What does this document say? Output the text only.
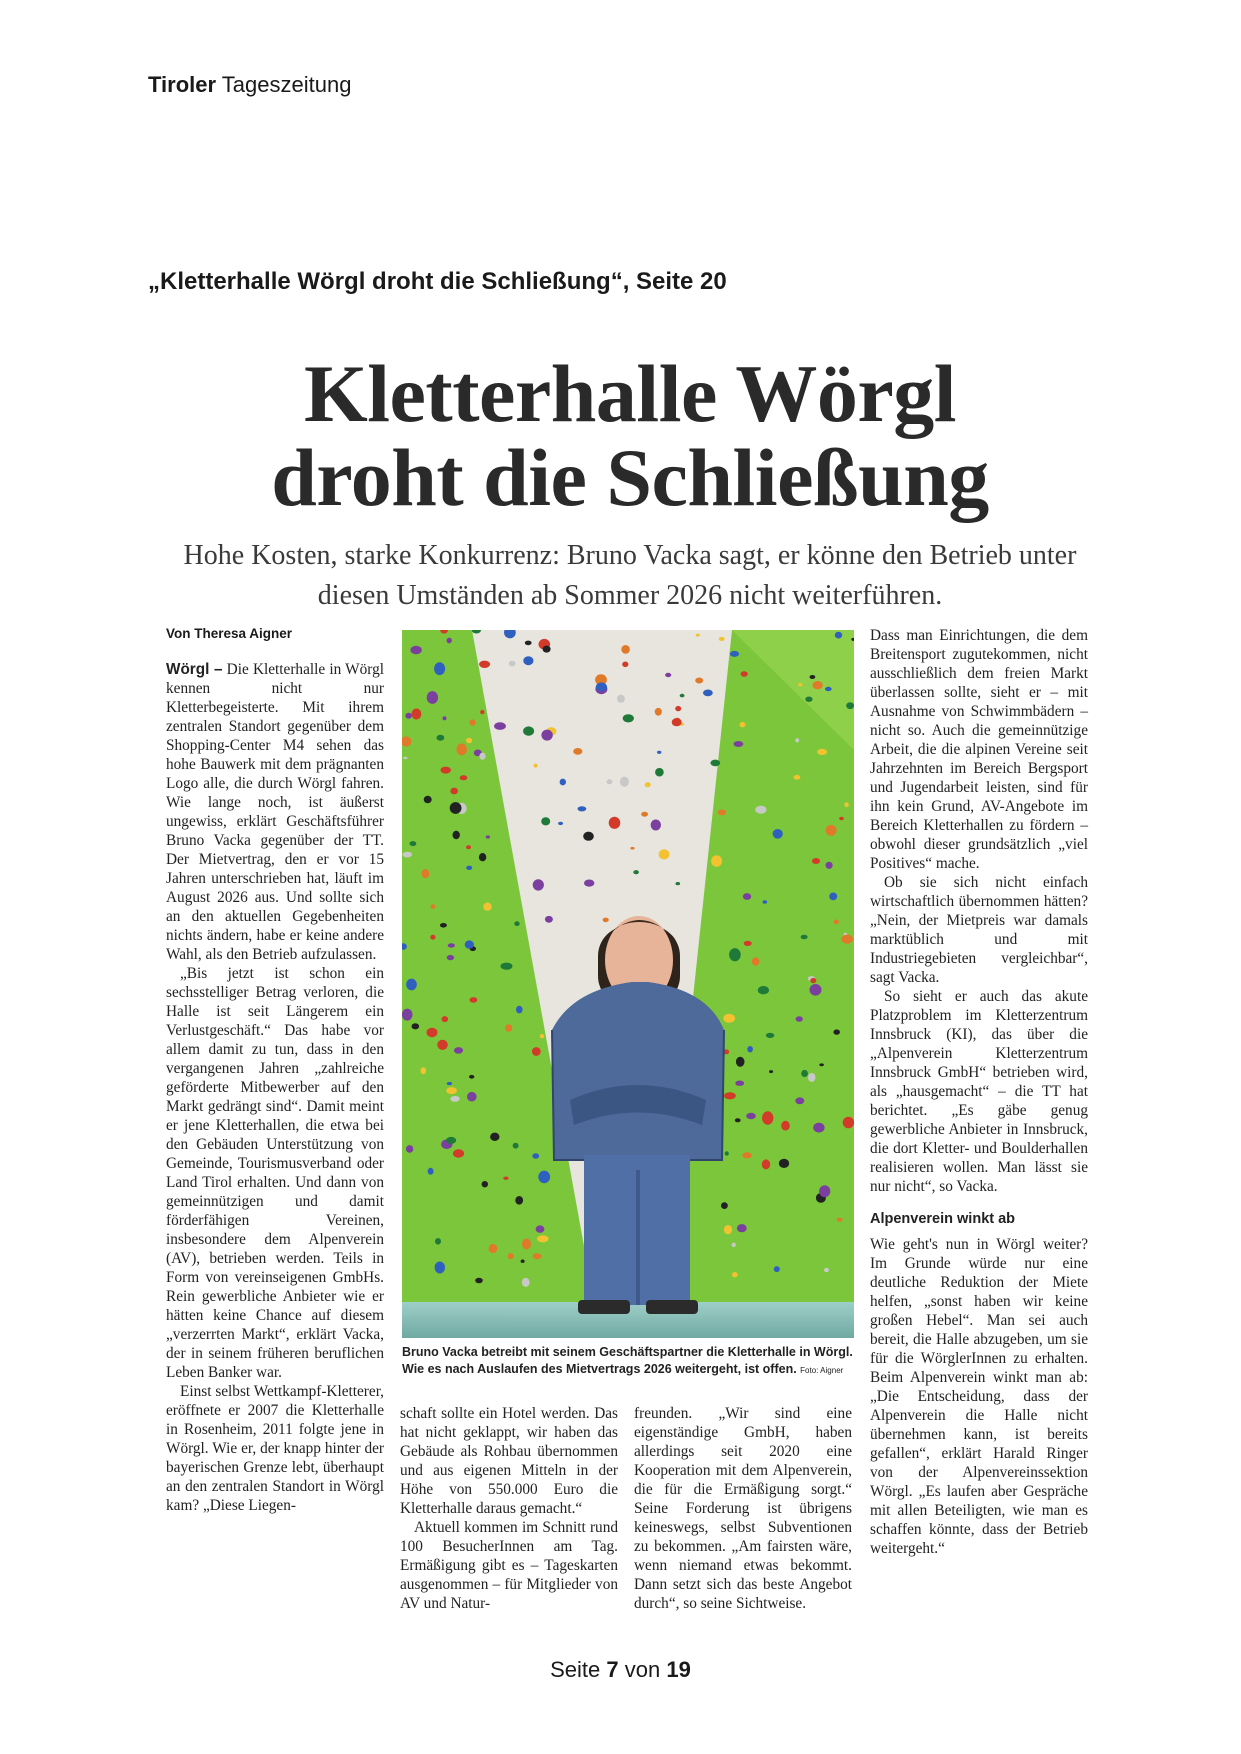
Tiroler Tageszeitung
„Kletterhalle Wörgl droht die Schließung“, Seite 20
Kletterhalle Wörgl
droht die Schließung
Hohe Kosten, starke Konkurrenz: Bruno Vacka sagt, er könne den Betrieb unter diesen Umständen ab Sommer 2026 nicht weiterführen.
Von Theresa Aigner

Wörgl – Die Kletterhalle in Wörgl kennen nicht nur Kletterbegeisterte. Mit ihrem zentralen Standort gegenüber dem Shopping-Center M4 sehen das hohe Bauwerk mit dem prägnanten Logo alle, die durch Wörgl fahren. Wie lange noch, ist äußerst ungewiss, erklärt Geschäftsführer Bruno Vacka gegenüber der TT. Der Mietvertrag, den er vor 15 Jahren unterschrieben hat, läuft im August 2026 aus. Und sollte sich an den aktuellen Gegebenheiten nichts ändern, habe er keine andere Wahl, als den Betrieb aufzulassen.

„Bis jetzt ist schon ein sechsstelliger Betrag verloren, die Halle ist seit Längerem ein Verlustgeschäft.“ Das habe vor allem damit zu tun, dass in den vergangenen Jahren „zahlreiche geförderte Mitbewerber auf den Markt gedrängt sind“. Damit meint er jene Kletterhallen, die etwa bei den Gebäuden Unterstützung von Gemeinde, Tourismusverband oder Land Tirol erhalten. Und dann von gemeinnützigen und damit förderfähigen Vereinen, insbesondere dem Alpenverein (AV), betrieben werden. Teils in Form von vereinseigenen GmbHs. Rein gewerbliche Anbieter wie er hätten keine Chance auf diesem „verzerrten Markt“, erklärt Vacka, der in seinem früheren beruflichen Leben Banker war.

Einst selbst Wettkampf-Kletterer, eröffnete er 2007 die Kletterhalle in Rosenheim, 2011 folgte jene in Wörgl. Wie er, der knapp hinter der bayerischen Grenze lebt, überhaupt an den zentralen Standort in Wörgl kam? „Diese Liegen-

Bruno Vacka betreibt mit seinem Geschäftspartner die Kletterhalle in Wörgl. Wie es nach Auslaufen des Mietvertrags 2026 weitergeht, ist offen. Foto: Aigner

schaft sollte ein Hotel werden. Das hat nicht geklappt, wir haben das Gebäude als Rohbau übernommen und aus eigenen Mitteln in der Höhe von 550.000 Euro die Kletterhalle daraus gemacht.“

Aktuell kommen im Schnitt rund 100 BesucherInnen am Tag. Ermäßigung gibt es – Tageskarten ausgenommen – für Mitglieder von AV und Natur-

freunden. „Wir sind eine eigenständige GmbH, haben allerdings seit 2020 eine Kooperation mit dem Alpenverein, die für die Ermäßigung sorgt.“ Seine Forderung ist übrigens keineswegs, selbst Subventionen zu bekommen. „Am fairsten wäre, wenn niemand etwas bekommt. Dann setzt sich das beste Angebot durch“, so seine Sichtweise.

Dass man Einrichtungen, die dem Breitensport zugutekommen, nicht ausschließlich dem freien Markt überlassen sollte, sieht er – mit Ausnahme von Schwimmbädern – nicht so. Auch die gemeinnützige Arbeit, die die alpinen Vereine seit Jahrzehnten im Bereich Bergsport und Jugendarbeit leisten, sind für ihn kein Grund, AV-Angebote im Bereich Kletterhallen zu fördern – obwohl dieser grundsätzlich „viel Positives“ mache.

Ob sie sich nicht einfach wirtschaftlich übernommen hätten? „Nein, der Mietpreis war damals marktüblich und mit Industriegebieten vergleichbar“, sagt Vacka.

So sieht er auch das akute Platzproblem im Kletterzentrum Innsbruck (KI), das über die „Alpenverein Kletterzentrum Innsbruck GmbH“ betrieben wird, als „hausgemacht“ – die TT hat berichtet. „Es gäbe genug gewerbliche Anbieter in Innsbruck, die dort Kletter- und Boulderhallen realisieren wollen. Man lässt sie nur nicht“, so Vacka.

Alpenverein winkt ab

Wie geht's nun in Wörgl weiter? Im Grunde würde nur eine deutliche Reduktion der Miete helfen, „sonst haben wir keine großen Hebel“. Man sei auch bereit, die Halle abzugeben, um sie für die WörglerInnen zu erhalten. Beim Alpenverein winkt man ab: „Die Entscheidung, dass der Alpenverein die Halle nicht übernehmen kann, ist bereits gefallen“, erklärt Harald Ringer von der Alpenvereinssektion Wörgl. „Es laufen aber Gespräche mit allen Beteiligten, wie man es schaffen könnte, dass der Betrieb weitergeht.“

Seite 7 von 19
